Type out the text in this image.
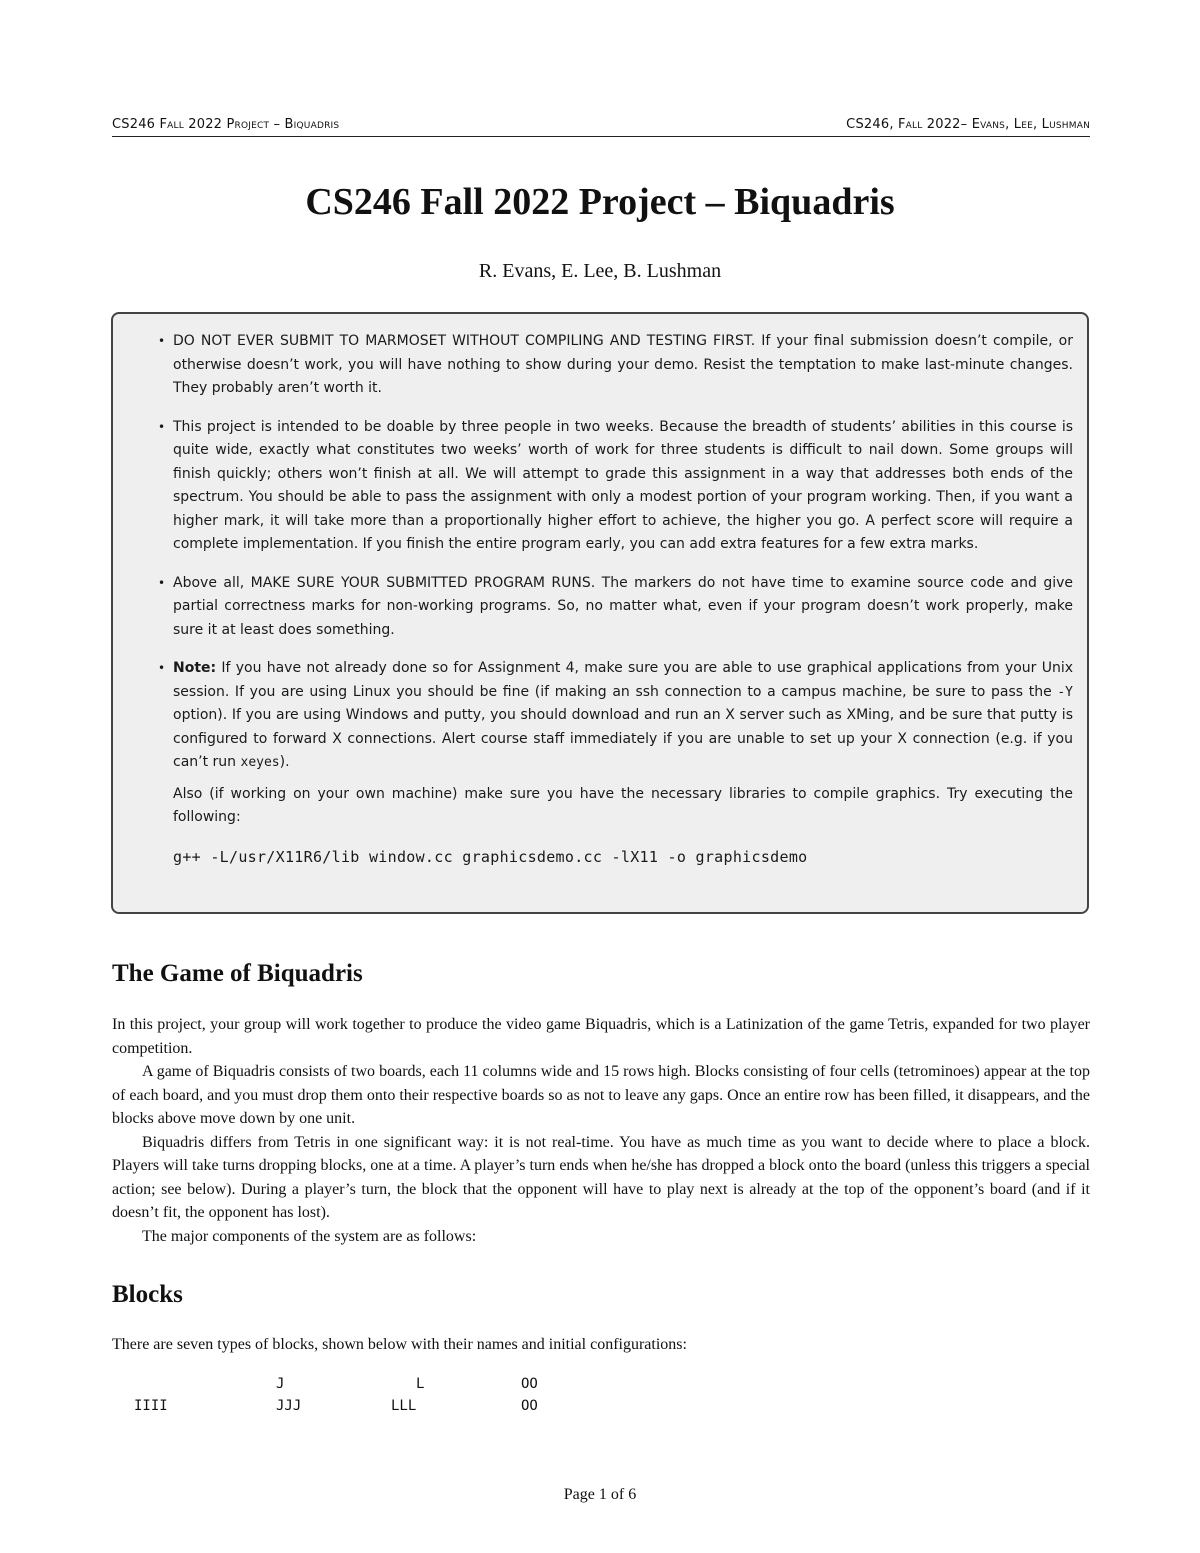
CS246 Fall 2022 Project – Biquadris	CS246, Fall 2022– Evans, Lee, Lushman
CS246 Fall 2022 Project – Biquadris
R. Evans, E. Lee, B. Lushman
• DO NOT EVER SUBMIT TO MARMOSET WITHOUT COMPILING AND TESTING FIRST. If your final submission doesn’t compile, or otherwise doesn’t work, you will have nothing to show during your demo. Resist the temptation to make last-minute changes. They probably aren’t worth it.
• This project is intended to be doable by three people in two weeks. Because the breadth of students’ abilities in this course is quite wide, exactly what constitutes two weeks’ worth of work for three students is difficult to nail down. Some groups will finish quickly; others won’t finish at all. We will attempt to grade this assignment in a way that addresses both ends of the spectrum. You should be able to pass the assignment with only a modest portion of your program working. Then, if you want a higher mark, it will take more than a proportionally higher effort to achieve, the higher you go. A perfect score will require a complete implementation. If you finish the entire program early, you can add extra features for a few extra marks.
• Above all, MAKE SURE YOUR SUBMITTED PROGRAM RUNS. The markers do not have time to examine source code and give partial correctness marks for non-working programs. So, no matter what, even if your program doesn’t work properly, make sure it at least does something.
• Note: If you have not already done so for Assignment 4, make sure you are able to use graphical applications from your Unix session. If you are using Linux you should be fine (if making an ssh connection to a campus machine, be sure to pass the -Y option). If you are using Windows and putty, you should download and run an X server such as XMing, and be sure that putty is configured to forward X connections. Alert course staff immediately if you are unable to set up your X connection (e.g. if you can’t run xeyes).
Also (if working on your own machine) make sure you have the necessary libraries to compile graphics. Try executing the following:
g++ -L/usr/X11R6/lib window.cc graphicsdemo.cc -lX11 -o graphicsdemo
The Game of Biquadris

In this project, your group will work together to produce the video game Biquadris, which is a Latinization of the game Tetris, expanded for two player competition.

A game of Biquadris consists of two boards, each 11 columns wide and 15 rows high. Blocks consisting of four cells (tetrominoes) appear at the top of each board, and you must drop them onto their respective boards so as not to leave any gaps. Once an entire row has been filled, it disappears, and the blocks above move down by one unit.

Biquadris differs from Tetris in one significant way: it is not real-time. You have as much time as you want to decide where to place a block. Players will take turns dropping blocks, one at a time. A player’s turn ends when he/she has dropped a block onto the board (unless this triggers a special action; see below). During a player’s turn, the block that the opponent will have to play next is already at the top of the opponent’s board (and if it doesn’t fit, the opponent has lost).

The major components of the system are as follows:

Blocks

There are seven types of blocks, shown below with their names and initial configurations:

IIII
J
JJJ
L
LLL
OO
OO
Page 1 of 6
